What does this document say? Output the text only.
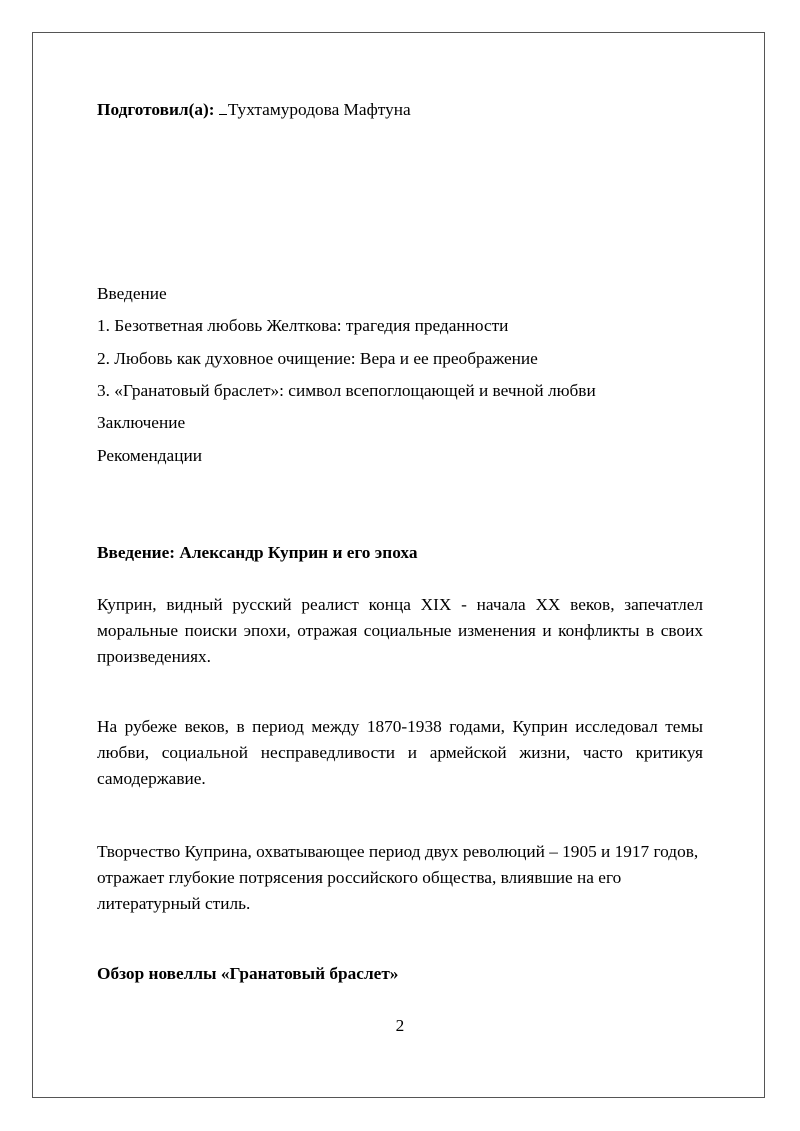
Подготовил(а): Тухтамуродова Мафтуна
Введение
1. Безответная любовь Желткова: трагедия преданности
2. Любовь как духовное очищение: Вера и ее преображение
3. «Гранатовый браслет»: символ всепоглощающей и вечной любви
Заключение
Рекомендации
Введение: Александр Куприн и его эпоха
Куприн, видный русский реалист конца XIX - начала XX веков, запечатлел моральные поиски эпохи, отражая социальные изменения и конфликты в своих произведениях.
На рубеже веков, в период между 1870-1938 годами, Куприн исследовал темы любви, социальной несправедливости и армейской жизни, часто критикуя самодержавие.
Творчество Куприна, охватывающее период двух революций – 1905 и 1917 годов, отражает глубокие потрясения российского общества, влиявшие на его литературный стиль.
Обзор новеллы «Гранатовый браслет»
2
